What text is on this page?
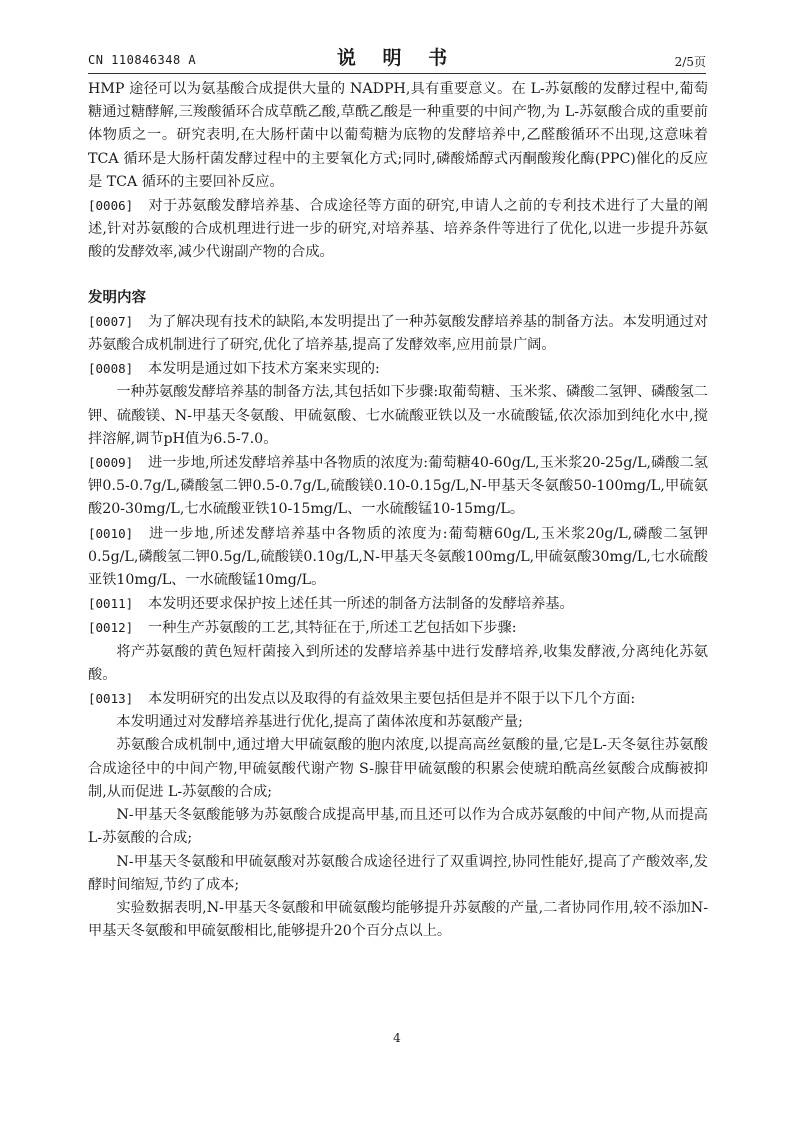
CN 110846348 A	说 明 书	2/5页

HMP 途径可以为氨基酸合成提供大量的 NADPH,具有重要意义。在 L-苏氨酸的发酵过程中,葡萄糖通过糖酵解,三羧酸循环合成草酰乙酸,草酰乙酸是一种重要的中间产物,为 L-苏氨酸合成的重要前体物质之一。研究表明,在大肠杆菌中以葡萄糖为底物的发酵培养中,乙醛酸循环不出现,这意味着 TCA 循环是大肠杆菌发酵过程中的主要氧化方式;同时,磷酸烯醇式丙酮酸羧化酶(PPC)催化的反应是 TCA 循环的主要回补反应。

[0006] 对于苏氨酸发酵培养基、合成途径等方面的研究,申请人之前的专利技术进行了大量的阐述,针对苏氨酸的合成机理进行进一步的研究,对培养基、培养条件等进行了优化,以进一步提升苏氨酸的发酵效率,减少代谢副产物的合成。

发明内容

[0007] 为了解决现有技术的缺陷,本发明提出了一种苏氨酸发酵培养基的制备方法。本发明通过对苏氨酸合成机制进行了研究,优化了培养基,提高了发酵效率,应用前景广阔。

[0008] 本发明是通过如下技术方案来实现的:

一种苏氨酸发酵培养基的制备方法,其包括如下步骤:取葡萄糖、玉米浆、磷酸二氢钾、磷酸氢二钾、硫酸镁、N-甲基天冬氨酸、甲硫氨酸、七水硫酸亚铁以及一水硫酸锰,依次添加到纯化水中,搅拌溶解,调节pH值为6.5-7.0。

[0009] 进一步地,所述发酵培养基中各物质的浓度为:葡萄糖40-60g/L,玉米浆20-25g/L,磷酸二氢钾0.5-0.7g/L,磷酸氢二钾0.5-0.7g/L,硫酸镁0.10-0.15g/L,N-甲基天冬氨酸50-100mg/L,甲硫氨酸20-30mg/L,七水硫酸亚铁10-15mg/L、一水硫酸锰10-15mg/L。

[0010] 进一步地,所述发酵培养基中各物质的浓度为:葡萄糖60g/L,玉米浆20g/L,磷酸二氢钾0.5g/L,磷酸氢二钾0.5g/L,硫酸镁0.10g/L,N-甲基天冬氨酸100mg/L,甲硫氨酸30mg/L,七水硫酸亚铁10mg/L、一水硫酸锰10mg/L。

[0011] 本发明还要求保护按上述任其一所述的制备方法制备的发酵培养基。

[0012] 一种生产苏氨酸的工艺,其特征在于,所述工艺包括如下步骤:

将产苏氨酸的黄色短杆菌接入到所述的发酵培养基中进行发酵培养,收集发酵液,分离纯化苏氨酸。

[0013] 本发明研究的出发点以及取得的有益效果主要包括但是并不限于以下几个方面:

本发明通过对发酵培养基进行优化,提高了菌体浓度和苏氨酸产量;

苏氨酸合成机制中,通过增大甲硫氨酸的胞内浓度,以提高高丝氨酸的量,它是L-天冬氨往苏氨酸合成途径中的中间产物,甲硫氨酸代谢产物 S-腺苷甲硫氨酸的积累会使琥珀酰高丝氨酸合成酶被抑制,从而促进 L-苏氨酸的合成;

N-甲基天冬氨酸能够为苏氨酸合成提高甲基,而且还可以作为合成苏氨酸的中间产物,从而提高L-苏氨酸的合成;

N-甲基天冬氨酸和甲硫氨酸对苏氨酸合成途径进行了双重调控,协同性能好,提高了产酸效率,发酵时间缩短,节约了成本;

实验数据表明,N-甲基天冬氨酸和甲硫氨酸均能够提升苏氨酸的产量,二者协同作用,较不添加N-甲基天冬氨酸和甲硫氨酸相比,能够提升20个百分点以上。

4
